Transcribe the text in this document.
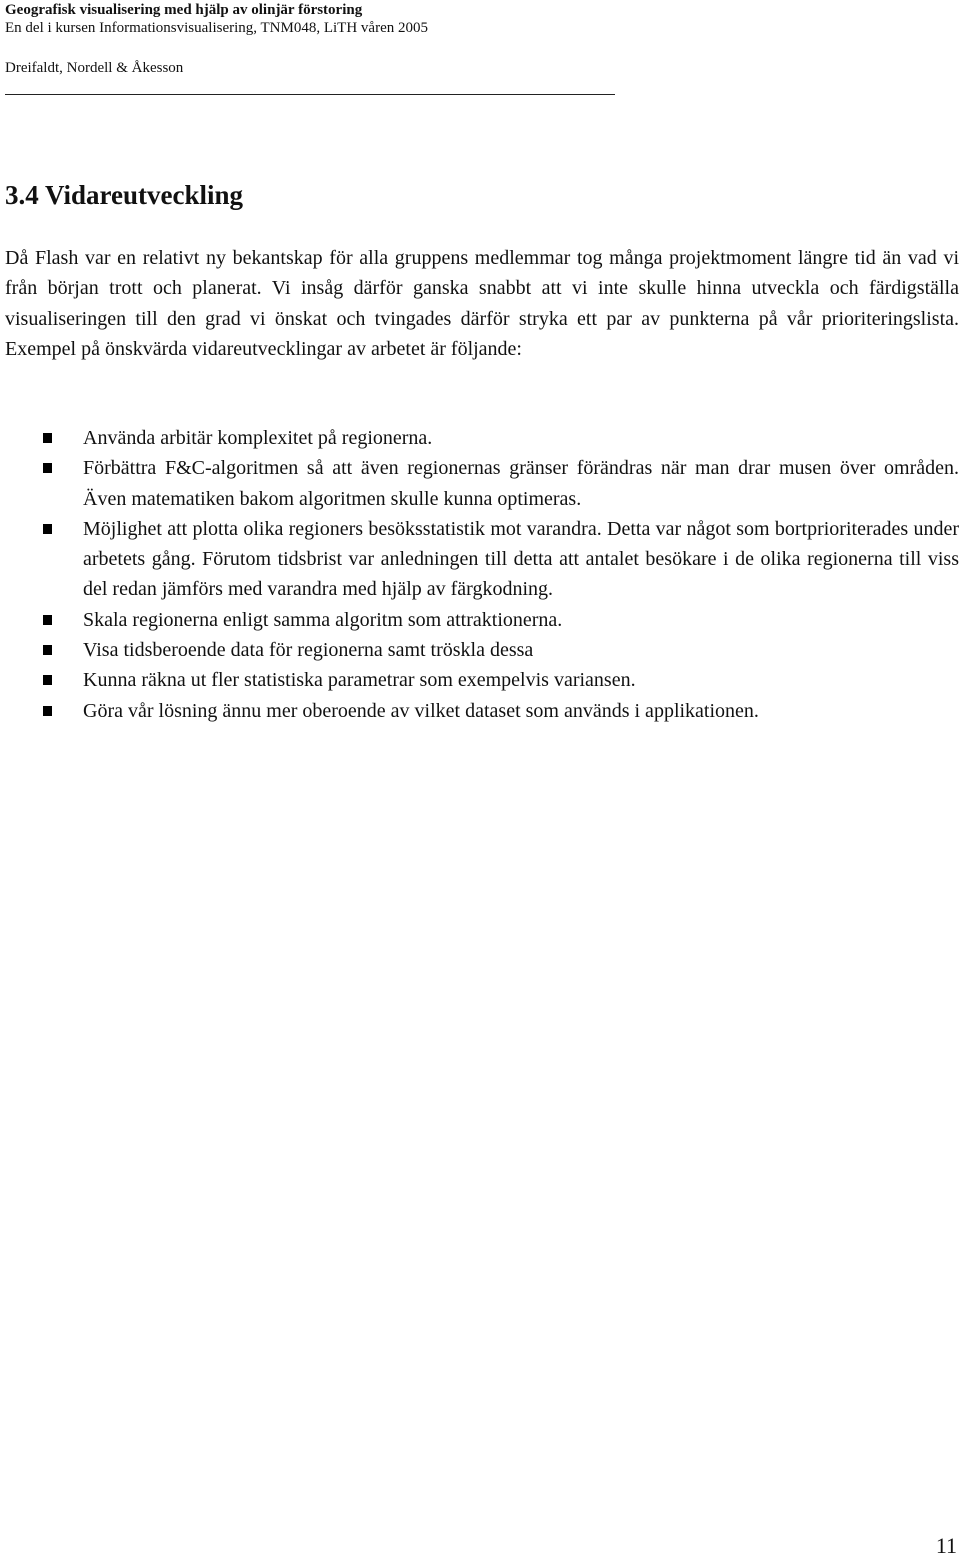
Geografisk visualisering med hjälp av olinjär förstoring
En del i kursen Informationsvisualisering, TNM048, LiTH våren 2005
Dreifaldt, Nordell & Åkesson
3.4 Vidareutveckling

Då Flash var en relativt ny bekantskap för alla gruppens medlemmar tog många projektmoment längre tid än vad vi från början trott och planerat. Vi insåg därför ganska snabbt att vi inte skulle hinna utveckla och färdigställa visualiseringen till den grad vi önskat och tvingades därför stryka ett par av punkterna på vår prioriteringslista. Exempel på önskvärda vidareutvecklingar av arbetet är följande:

Använda arbitär komplexitet på regionerna.
Förbättra F&C-algoritmen så att även regionernas gränser förändras när man drar musen över områden. Även matematiken bakom algoritmen skulle kunna optimeras.
Möjlighet att plotta olika regioners besöksstatistik mot varandra. Detta var något som bortprioriterades under arbetets gång. Förutom tidsbrist var anledningen till detta att antalet besökare i de olika regionerna till viss del redan jämförs med varandra med hjälp av färgkodning.
Skala regionerna enligt samma algoritm som attraktionerna.
Visa tidsberoende data för regionerna samt tröskla dessa
Kunna räkna ut fler statistiska parametrar som exempelvis variansen.
Göra vår lösning ännu mer oberoende av vilket dataset som används i applikationen.
11
